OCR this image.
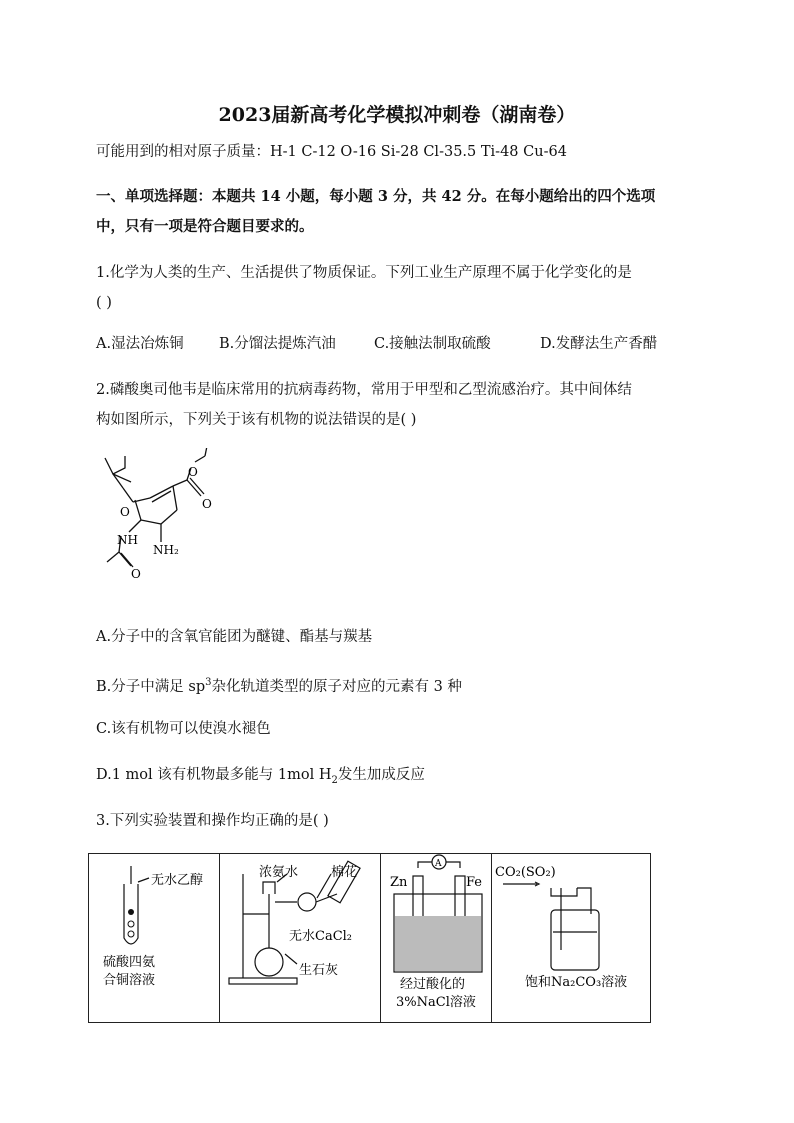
2023届新高考化学模拟冲刺卷（湖南卷）
可能用到的相对原子质量：H-1 C-12 O-16 Si-28 Cl-35.5 Ti-48 Cu-64
一、单项选择题：本题共 14 小题，每小题 3 分，共 42 分。在每小题给出的四个选项
中，只有一项是符合题目要求的。
1.化学为人类的生产、生活提供了物质保证。下列工业生产原理不属于化学变化的是
( )
A.湿法冶炼铜 B.分馏法提炼汽油	C.接触法制取硫酸	D.发酵法生产香醋
2.磷酸奥司他韦是临床常用的抗病毒药物，常用于甲型和乙型流感治疗。其中间体结
构如图所示，下列关于该有机物的说法错误的是( )
O
O
O
NH
O
NH₂
A.分子中的含氧官能团为醚键、酯基与羰基
B.分子中满足 $sp^3$杂化轨道类型的原子对应的元素有 3 种
C.该有机物可以使溴水褪色
D.1 mol 该有机物最多能与 1mol $H_2$发生加成反应
3.下列实验装置和操作均正确的是( )
无水乙醇
硫酸四氨
合铜溶液
浓氨水	棉花
无水CaCl₂
生石灰
A
Zn	Fe
经过酸化的
3%NaCl溶液
CO₂(SO₂)
饱和Na₂CO₃溶液
